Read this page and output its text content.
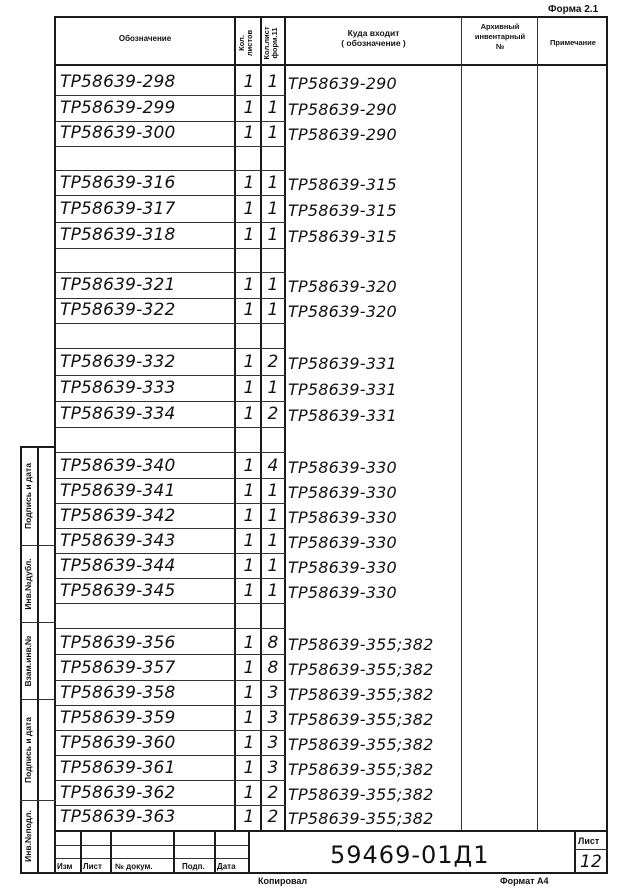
Форма 2.1
Обозначение	Кол. листов Кол.лист форм.11	Куда входит
( обозначение )
Архивный
инвентарный
№	Примечание
ТР58639-298	1 1 ТР58639-290
ТР58639-299	1 1 ТР58639-290
ТР58639-300	1 1 ТР58639-290
ТР58639-316	1 1 ТР58639-315
ТР58639-317	1 1 ТР58639-315
ТР58639-318	1 1 ТР58639-315
ТР58639-321	1 1 ТР58639-320
ТР58639-322	1 1 ТР58639-320
ТР58639-332	1 2 ТР58639-331
ТР58639-333	1 1 ТР58639-331
ТР58639-334	1 2 ТР58639-331
ТР58639-340	1 4 ТР58639-330
ТР58639-341	1 1 ТР58639-330
ТР58639-342	1 1 ТР58639-330
ТР58639-343	1 1 ТР58639-330
ТР58639-344	1 1 ТР58639-330
ТР58639-345	1 1 ТР58639-330
ТР58639-356	1 8 ТР58639-355;382
ТР58639-357	1 8 ТР58639-355;382
ТР58639-358	1 3 ТР58639-355;382
ТР58639-359	1 3 ТР58639-355;382
ТР58639-360	1 3 ТР58639-355;382
ТР58639-361	1 3 ТР58639-355;382
ТР58639-362	1 2 ТР58639-355;382
ТР58639-363	1 2 ТР58639-355;382
Подпись и дата
Инв.№дубл.
Взам.инв.№
Подпись и дата
Инв.№подл.
Изм Лист № докум.	Подп. Дата	59469-01Д1	Лист
12
Копировал	Формат А4
